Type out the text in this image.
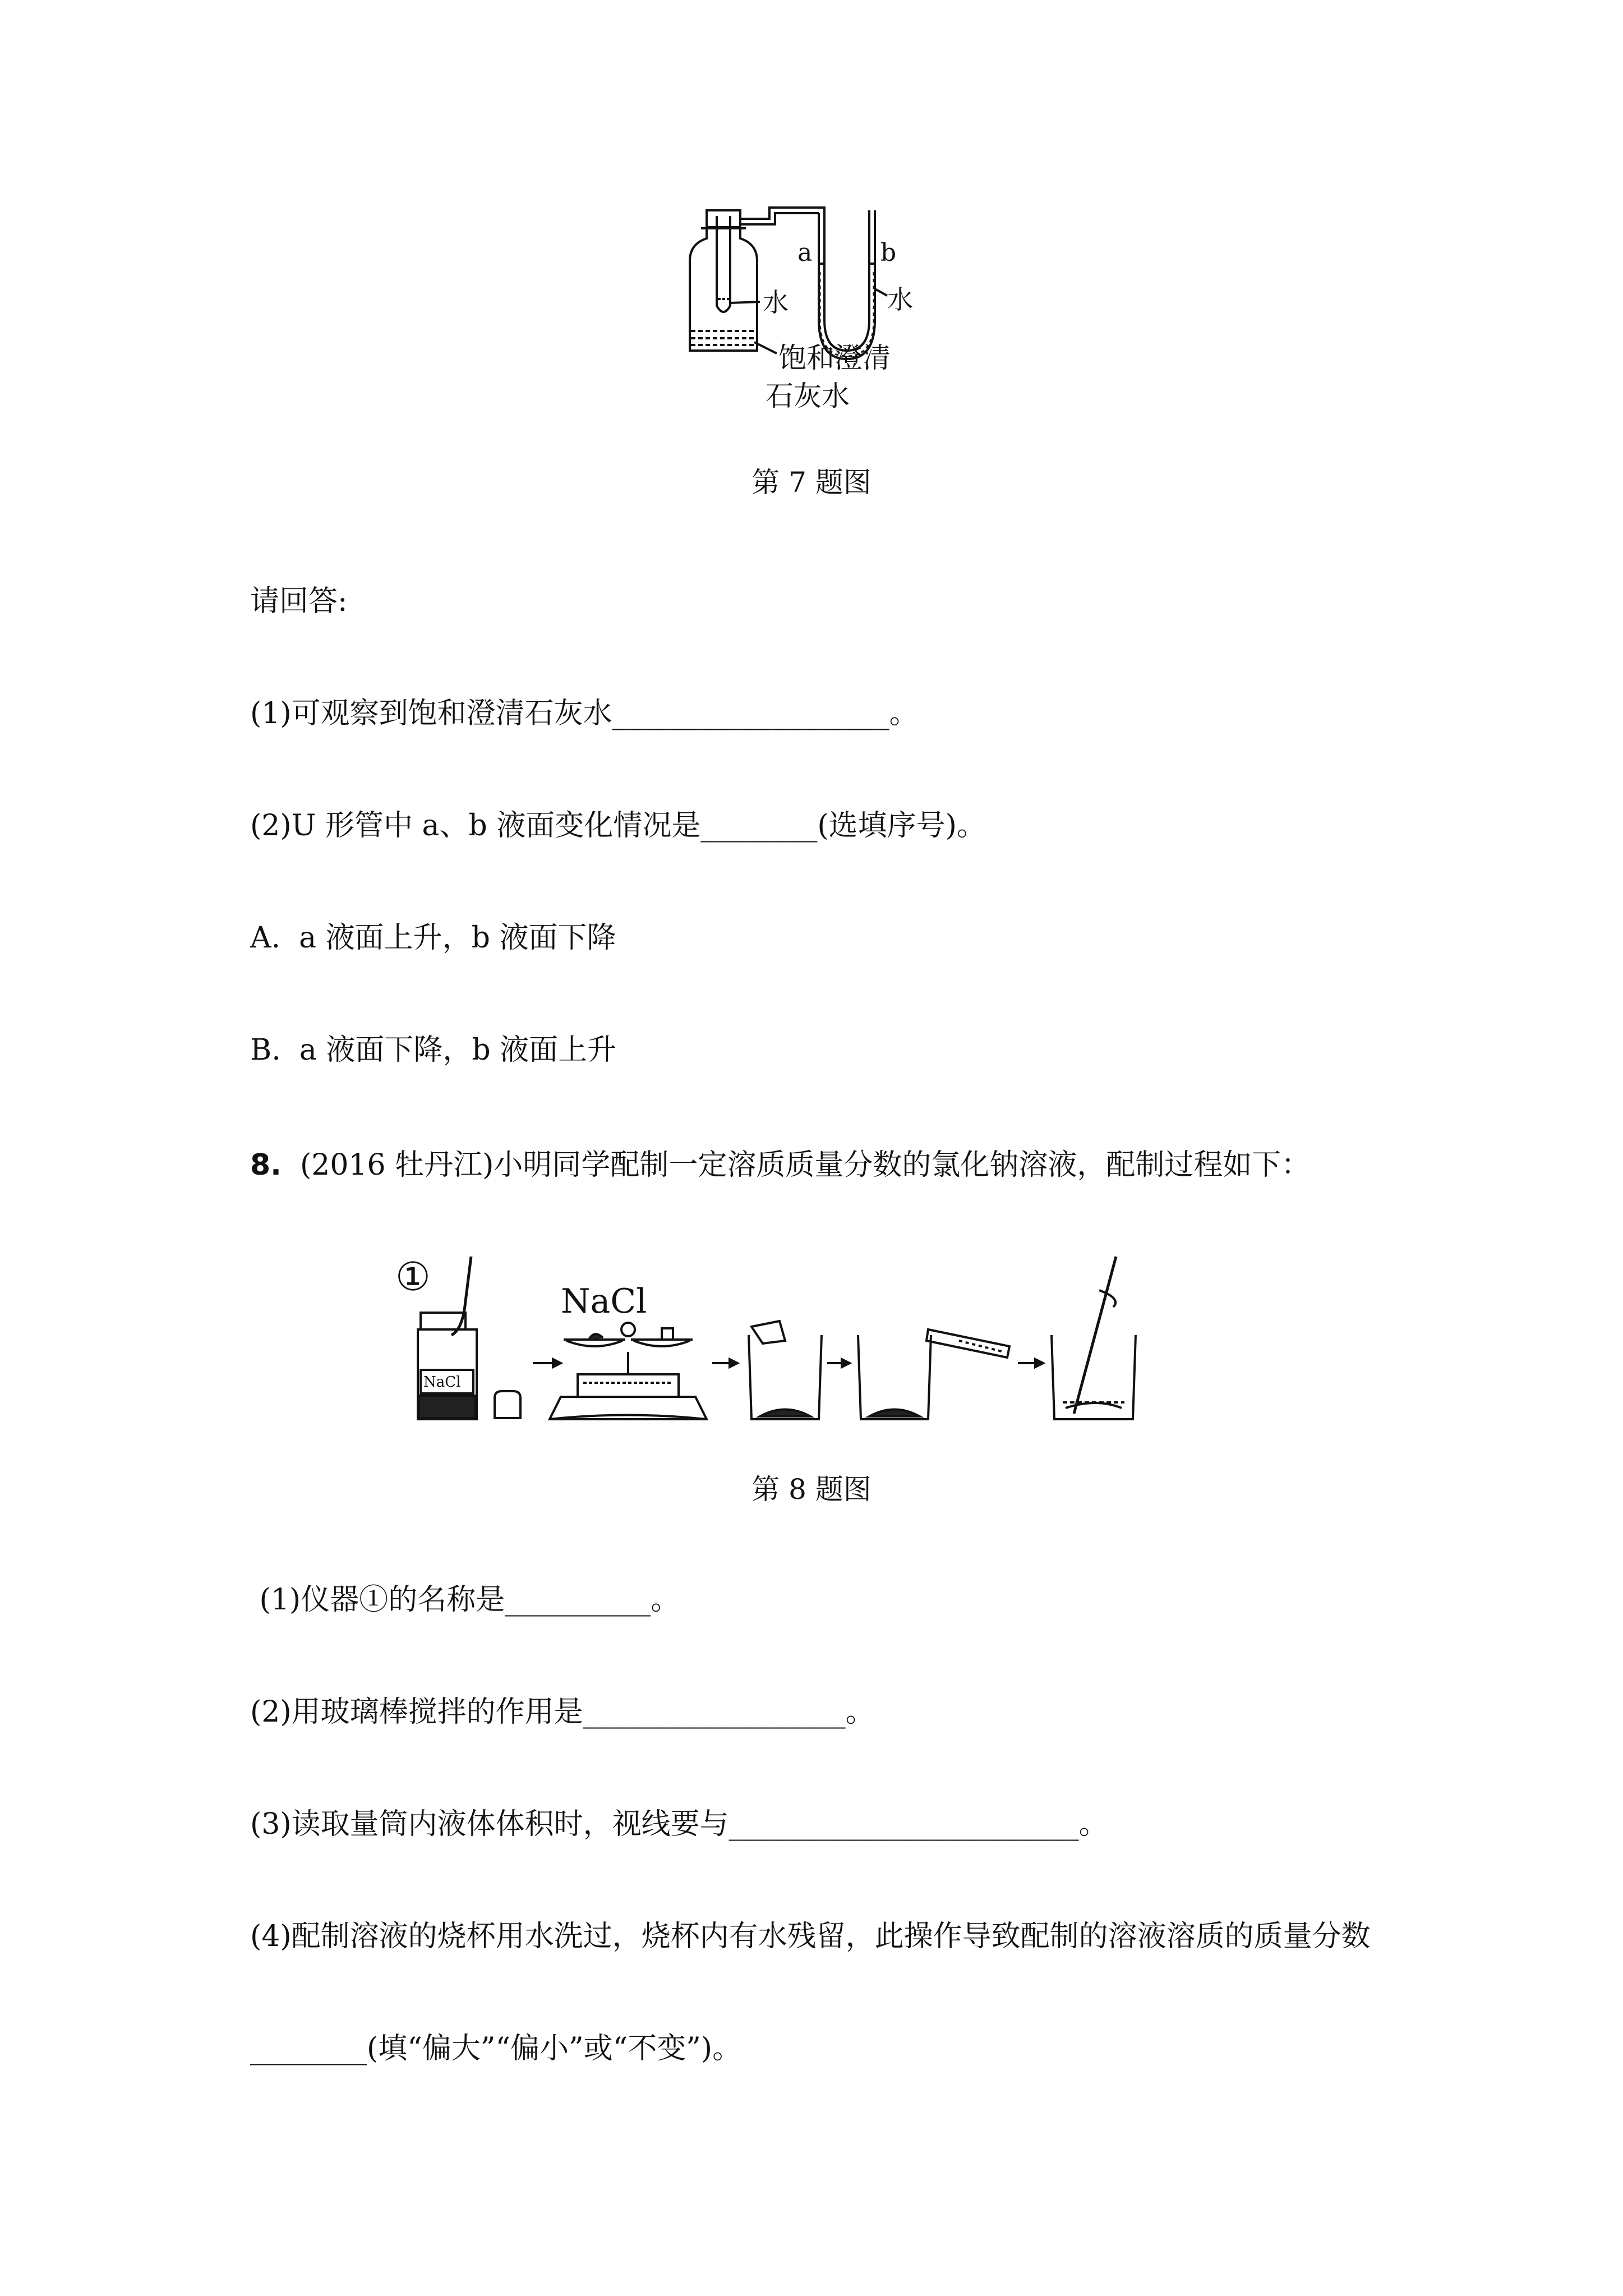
a	b
水	水
饱和澄清
石灰水
第 7 题图
请回答:
(1)可观察到饱和澄清石灰水___________________。
(2)U 形管中 a、b 液面变化情况是________(选填序号)。
A.  a 液面上升，b 液面下降
B.  a 液面下降，b 液面上升
8.  (2016 牡丹江)小明同学配制一定溶质质量分数的氯化钠溶液，配制过程如下：
①
NaCl
NaCl
第 8 题图
(1)仪器①的名称是__________。
(2)用玻璃棒搅拌的作用是__________________。
(3)读取量筒内液体体积时，视线要与________________________。
(4)配制溶液的烧杯用水洗过，烧杯内有水残留，此操作导致配制的溶液溶质的质量分数
________(填“偏大”“偏小”或“不变”)。
